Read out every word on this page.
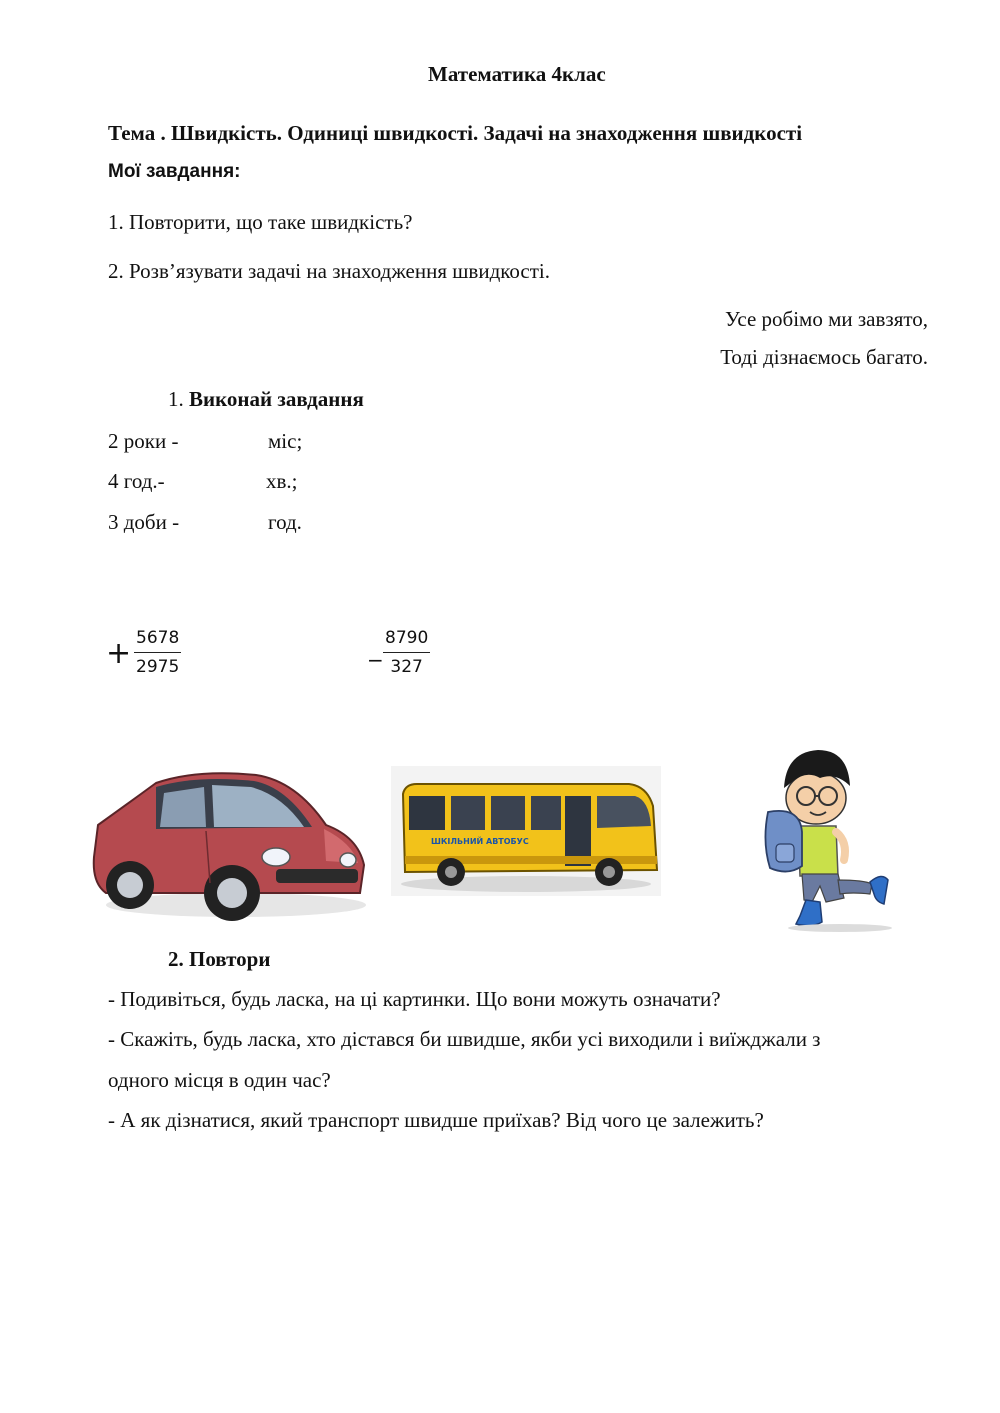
Математика 4клас
Тема . Швидкість. Одиниці швидкості. Задачі на знаходження швидкості
Мої завдання:
1. Повторити, що таке швидкість?
2. Розв’язувати задачі на знаходження швидкості.
Усе робімо ми завзято,
Тоді дізнаємось багато.
1. Виконай завдання
2 роки -	міс;
4 год.-	хв.;
3 доби -	год.
+ $\frac{5678}{2975}$	− $\frac{8790}{327}$
ШКІЛЬНИЙ АВТОБУС
2. Повтори
- Подивіться, будь ласка, на ці картинки. Що вони можуть означати?
- Скажіть, будь ласка, хто дістався би швидше, якби усі виходили і виїжджали з
одного місця в один час?
- А як дізнатися, який транспорт швидше приїхав? Від чого це залежить?
